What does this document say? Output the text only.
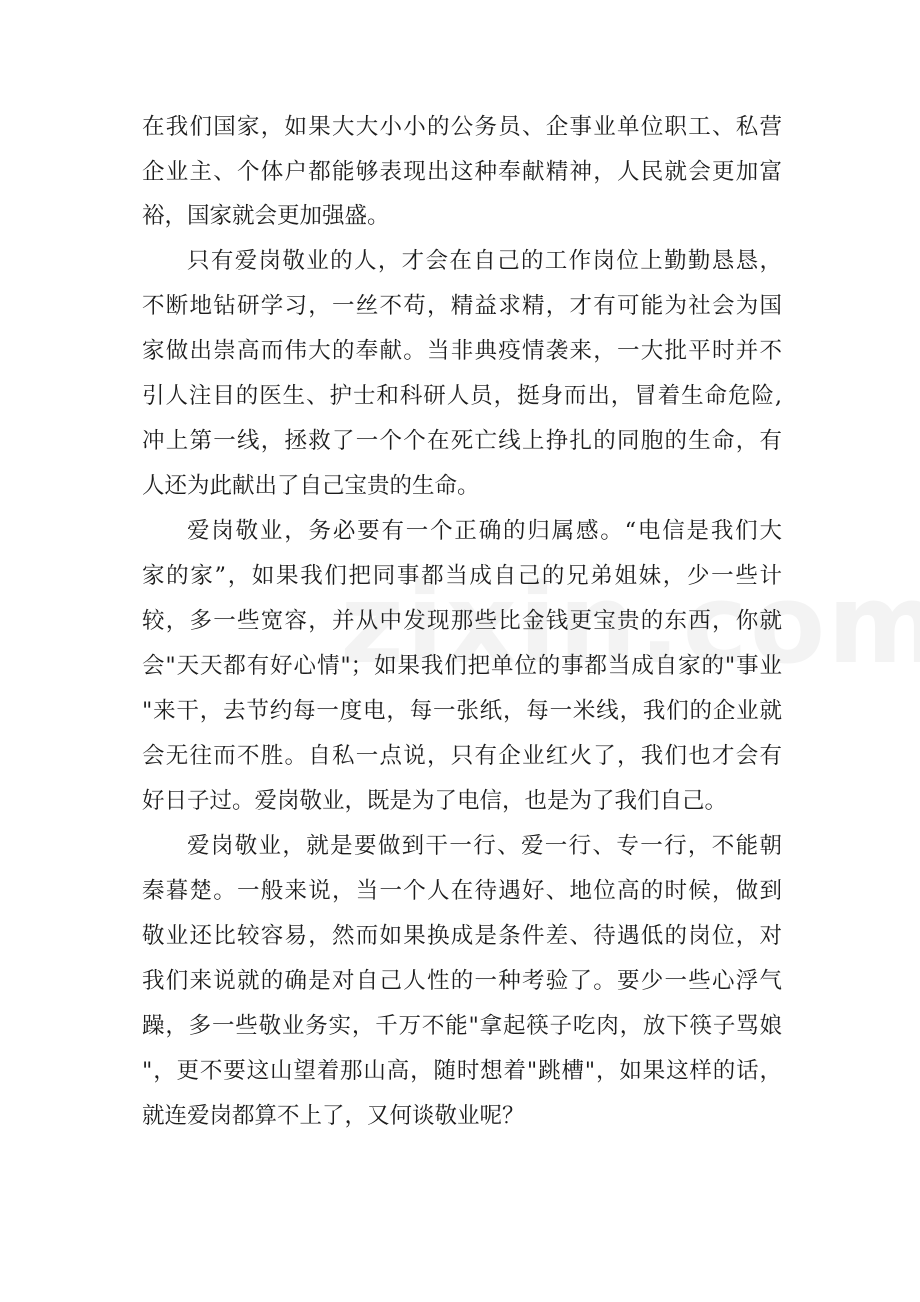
在我们国家，如果大大小小的公务员、企事业单位职工、私营
企业主、个体户都能够表现出这种奉献精神，人民就会更加富
裕，国家就会更加强盛。
只有爱岗敬业的人，才会在自己的工作岗位上勤勤恳恳，
不断地钻研学习，一丝不苟，精益求精，才有可能为社会为国
家做出崇高而伟大的奉献。当非典疫情袭来，一大批平时并不
引人注目的医生、护士和科研人员，挺身而出，冒着生命危险,
冲上第一线，拯救了一个个在死亡线上挣扎的同胞的生命，有
人还为此献出了自己宝贵的生命。
爱岗敬业，务必要有一个正确的归属感。“电信是我们大
家的家”，如果我们把同事都当成自己的兄弟姐妹，少一些计
较，多一些宽容，并从中发现那些比金钱更宝贵的东西，你就
会"天天都有好心情"；如果我们把单位的事都当成自家的"事业
"来干，去节约每一度电，每一张纸，每一米线，我们的企业就
会无往而不胜。自私一点说，只有企业红火了，我们也才会有
好日子过。爱岗敬业，既是为了电信，也是为了我们自己。
爱岗敬业，就是要做到干一行、爱一行、专一行，不能朝
秦暮楚。一般来说，当一个人在待遇好、地位高的时候，做到
敬业还比较容易，然而如果换成是条件差、待遇低的岗位，对
我们来说就的确是对自己人性的一种考验了。要少一些心浮气
躁，多一些敬业务实，千万不能"拿起筷子吃肉，放下筷子骂娘
"，更不要这山望着那山高，随时想着"跳槽"，如果这样的话，
就连爱岗都算不上了，又何谈敬业呢？
